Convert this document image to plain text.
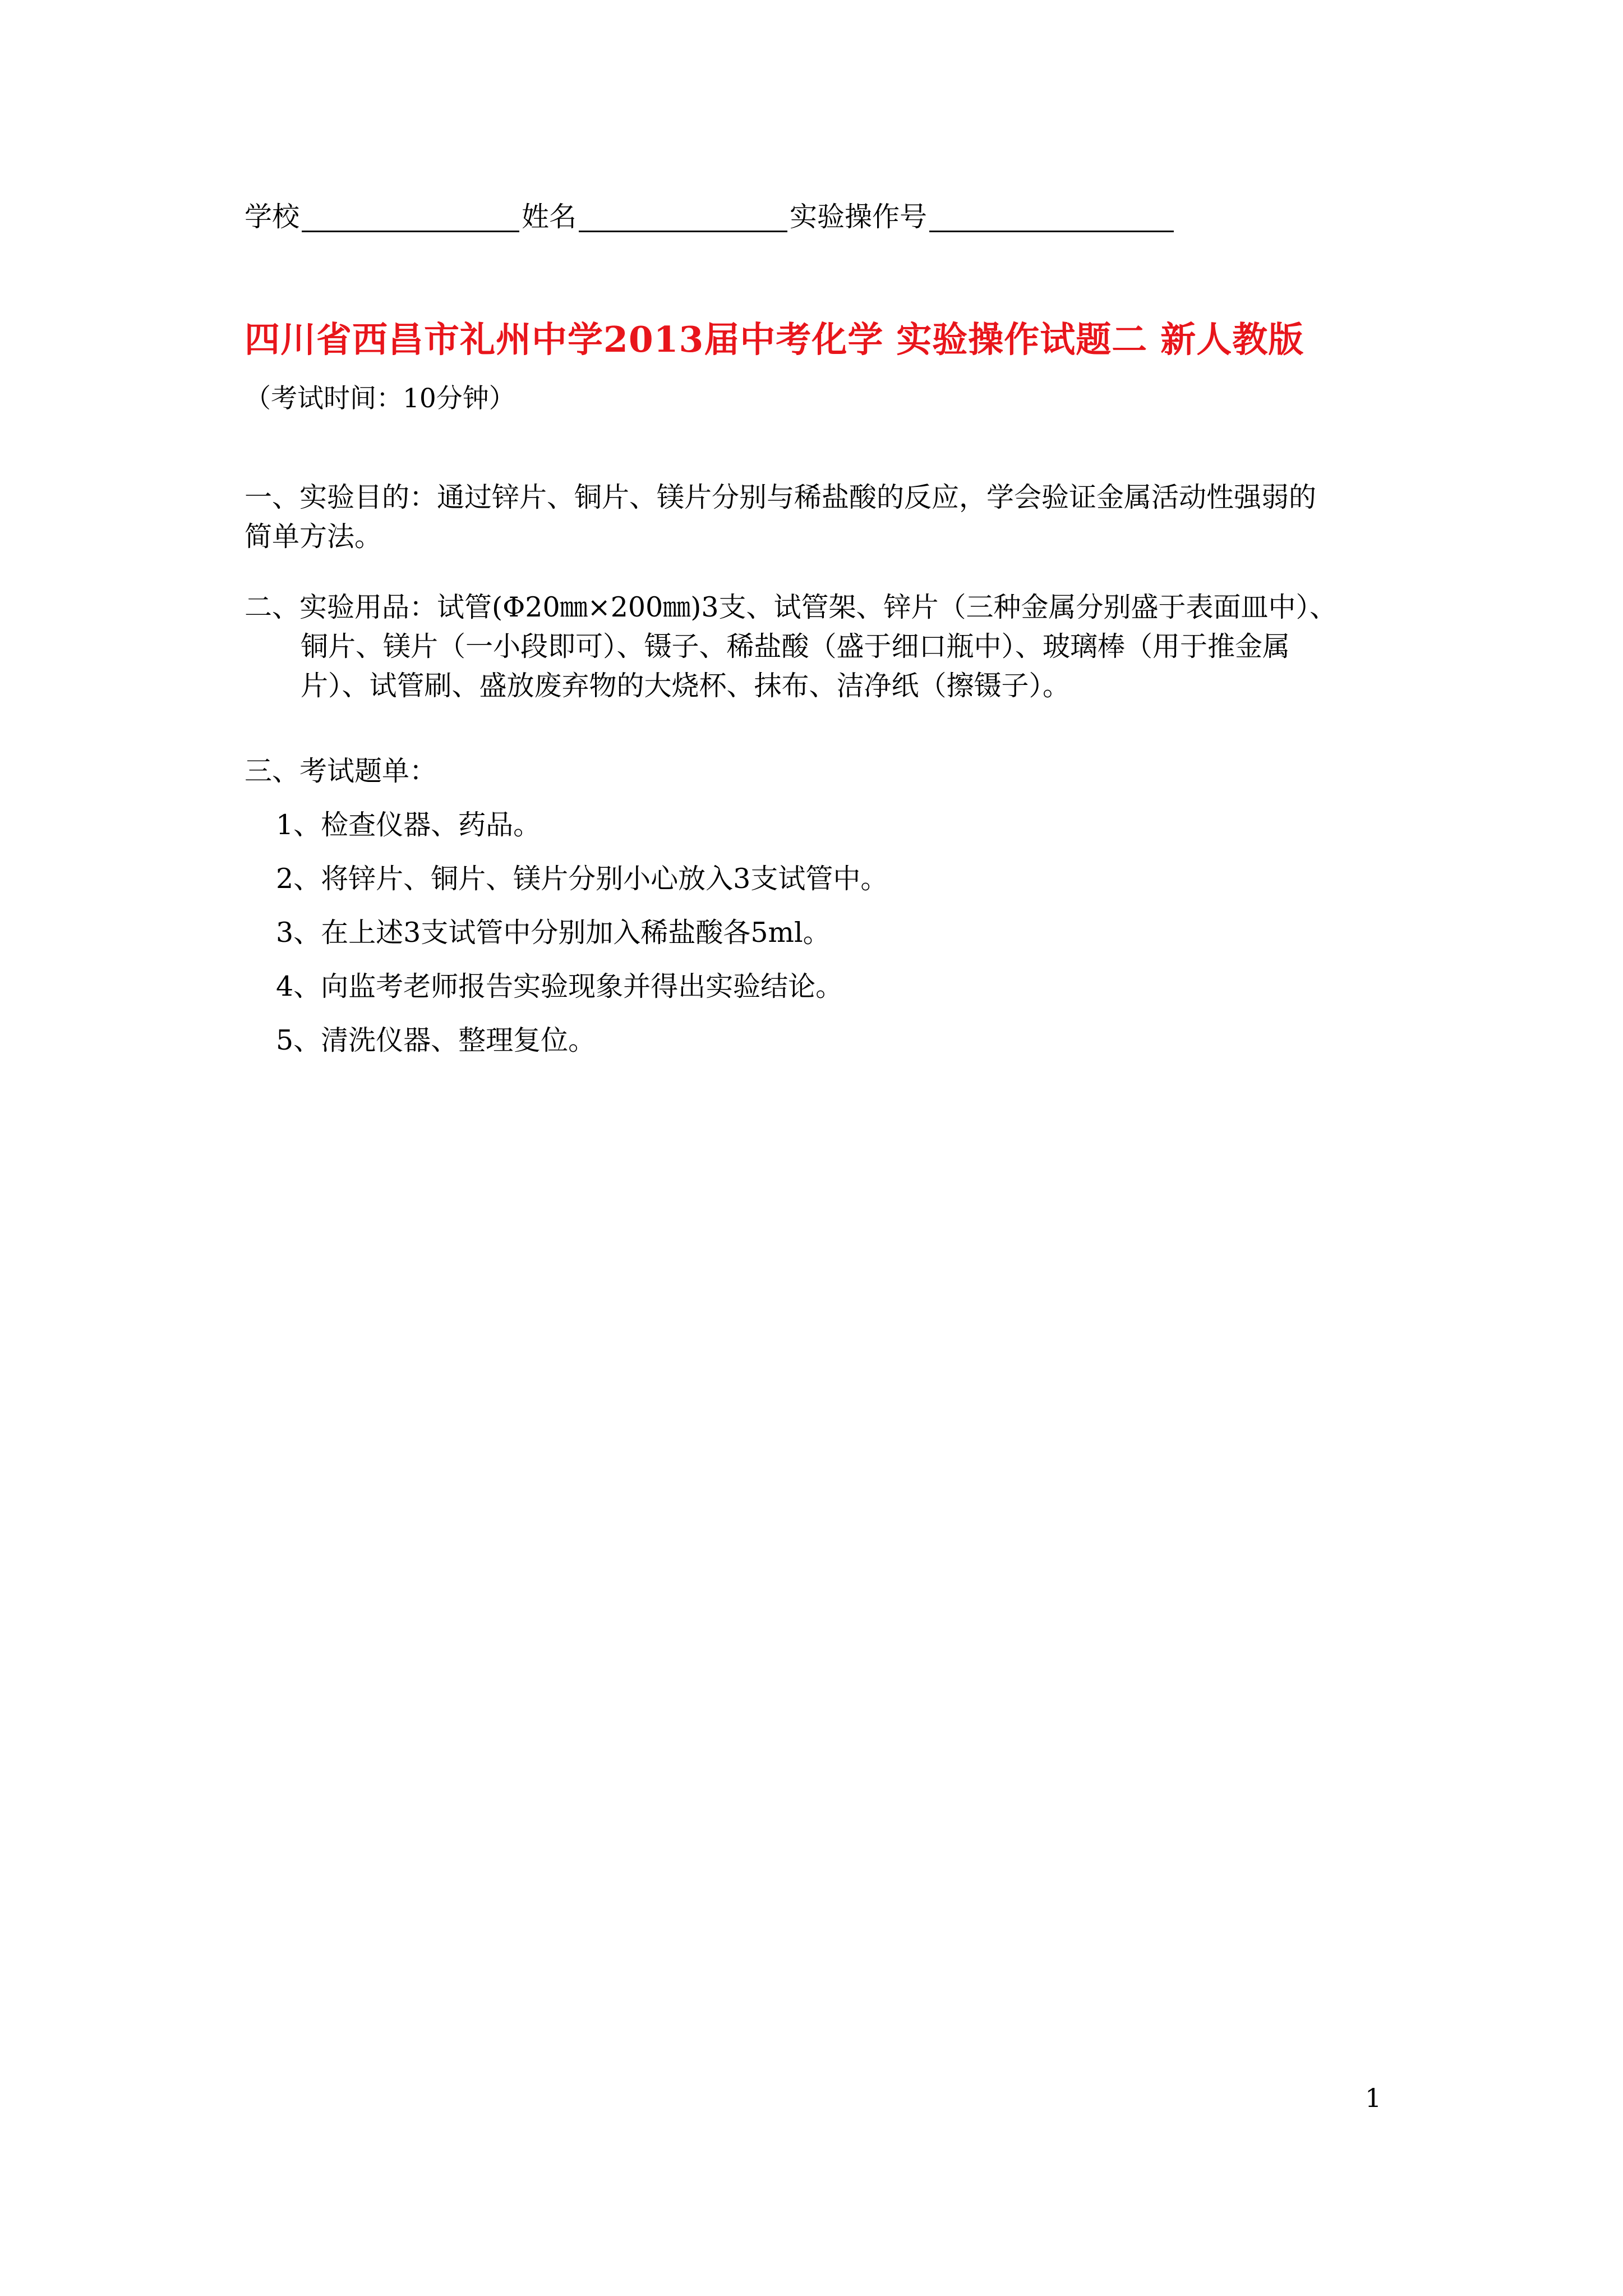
学校	姓名	实验操作号
四川省西昌市礼州中学2013届中考化学 实验操作试题二 新人教版
（考试时间：10分钟）
一、实验目的：通过锌片、铜片、镁片分别与稀盐酸的反应，学会验证金属活动性强弱的
简单方法。
二、实验用品：试管(Φ20㎜×200㎜)3支、试管架、锌片（三种金属分别盛于表面皿中）、
铜片、镁片（一小段即可）、镊子、稀盐酸（盛于细口瓶中）、玻璃棒（用于推金属
片）、试管刷、盛放废弃物的大烧杯、抹布、洁净纸（擦镊子）。
三、考试题单：
1、检查仪器、药品。
2、将锌片、铜片、镁片分别小心放入3支试管中。
3、在上述3支试管中分别加入稀盐酸各5ml。
4、向监考老师报告实验现象并得出实验结论。
5、清洗仪器、整理复位。
1
